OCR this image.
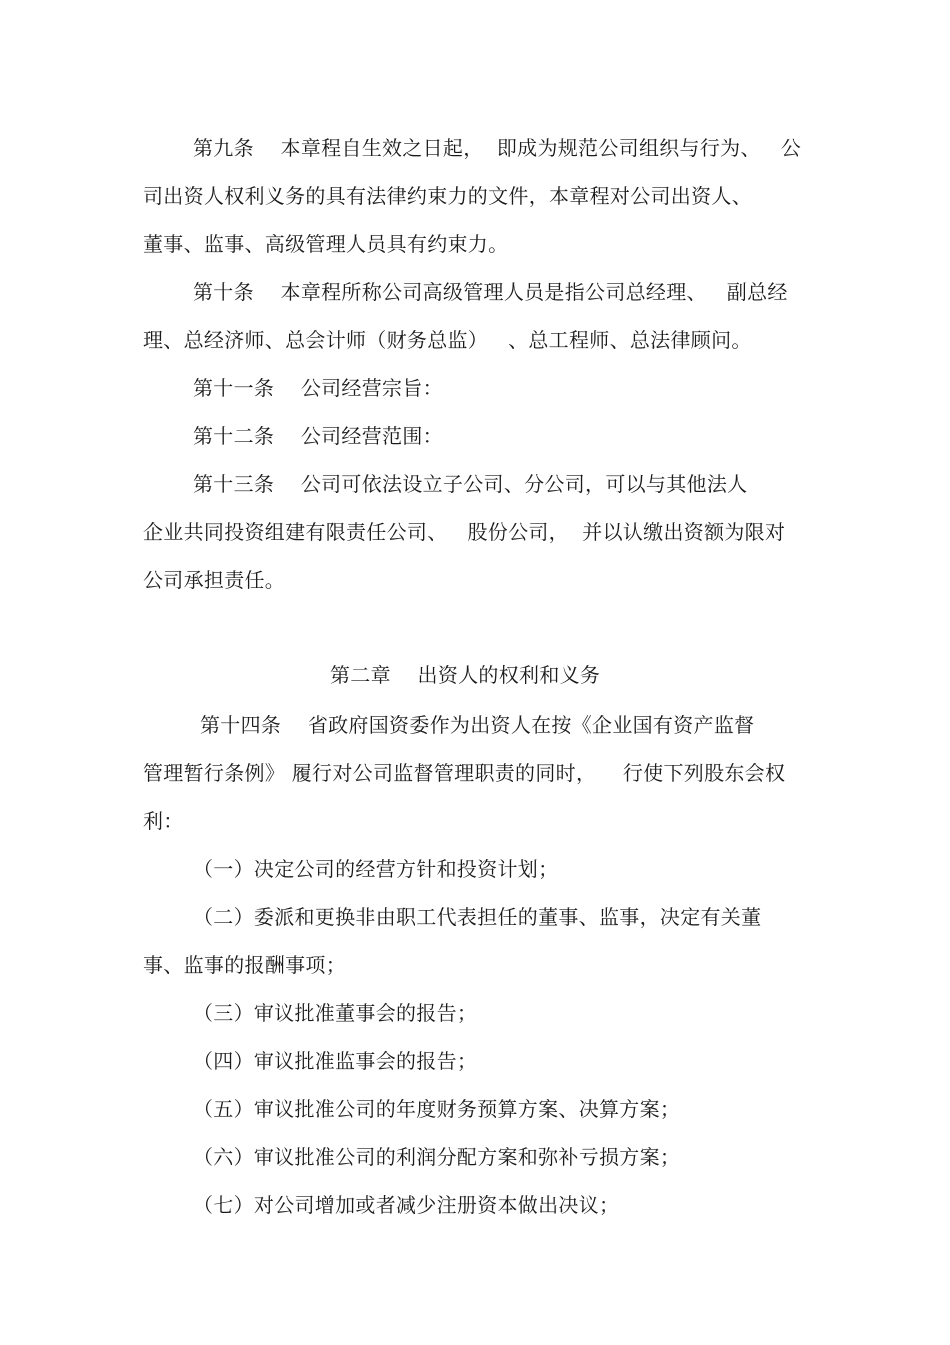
第九条    本章程自生效之日起，  即成为规范公司组织与行为、   公
司出资人权利义务的具有法律约束力的文件，本章程对公司出资人、
董事、监事、高级管理人员具有约束力。
第十条    本章程所称公司高级管理人员是指公司总经理、   副总经
理、总经济师、总会计师（财务总监）   、总工程师、总法律顾问。
第十一条    公司经营宗旨：
第十二条    公司经营范围：
第十三条    公司可依法设立子公司、分公司，可以与其他法人
企业共同投资组建有限责任公司、   股份公司，  并以认缴出资额为限对
公司承担责任。
第二章    出资人的权利和义务
第十四条    省政府国资委作为出资人在按《企业国有资产监督
管理暂行条例》 履行对公司监督管理职责的同时，    行使下列股东会权
利：
（一）决定公司的经营方针和投资计划；
（二）委派和更换非由职工代表担任的董事、监事，决定有关董
事、监事的报酬事项；
（三）审议批准董事会的报告；
（四）审议批准监事会的报告；
（五）审议批准公司的年度财务预算方案、决算方案；
（六）审议批准公司的利润分配方案和弥补亏损方案；
（七）对公司增加或者减少注册资本做出决议；
